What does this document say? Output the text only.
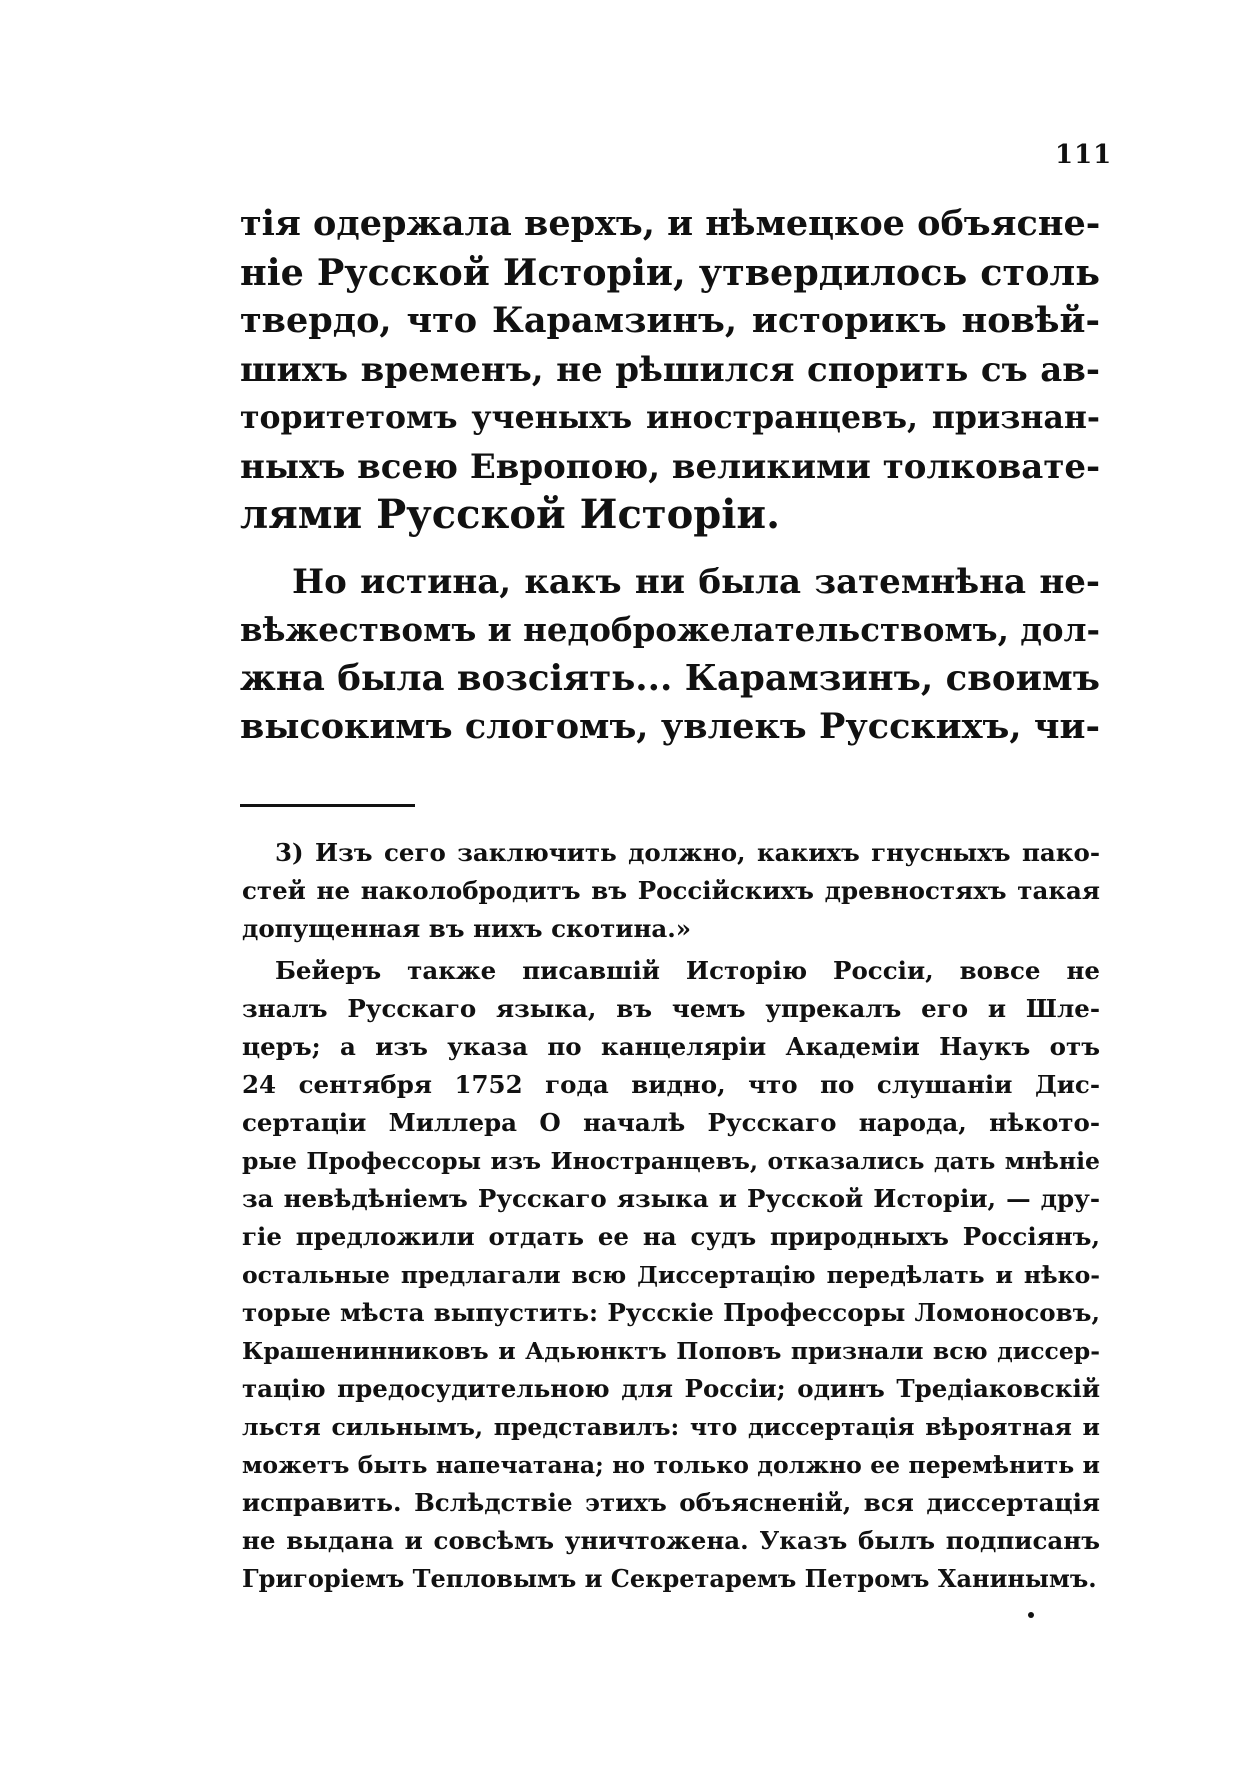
111
тія одержала верхъ, и нѣмецкое объясне-
ніе Русской Исторіи, утвердилось столь
твердо, что Карамзинъ, историкъ новѣй-
шихъ временъ, не рѣшился спорить съ ав-
торитетомъ ученыхъ иностранцевъ, признан-
ныхъ всею Европою, великими толковате-
лями Русской Исторіи.
Но истина, какъ ни была затемнѣна не-
вѣжествомъ и недоброжелательствомъ, дол-
жна была возсіять... Карамзинъ, своимъ
высокимъ слогомъ, увлекъ Русскихъ, чи-
3) Изъ сего заключить должно, какихъ гнусныхъ пако-
стей не наколобродитъ въ Россійскихъ древностяхъ такая
допущенная въ нихъ скотина.»
Бейеръ также писавшій Исторію Россіи, вовсе не
зналъ Русскаго языка, въ чемъ упрекалъ его и Шле-
церъ; а изъ указа по канцеляріи Академіи Наукъ отъ
24 сентября 1752 года видно, что по слушаніи Дис-
сертаціи Миллера О началѣ Русскаго народа, нѣкото-
рые Профессоры изъ Иностранцевъ, отказались дать мнѣніе
за невѣдѣніемъ Русскаго языка и Русской Исторіи, — дру-
гіе предложили отдать ее на судъ природныхъ Россіянъ,
остальные предлагали всю Диссертацію передѣлать и нѣко-
торые мѣста выпустить: Русскіе Профессоры Ломоносовъ,
Крашенинниковъ и Адьюнктъ Поповъ признали всю диссер-
тацію предосудительною для Россіи; одинъ Тредіаковскій
льстя сильнымъ, представилъ: что диссертація вѣроятная и
можетъ быть напечатана; но только должно ее перемѣнить и
исправить. Вслѣдствіе этихъ объясненій, вся диссертація
не выдана и совсѣмъ уничтожена. Указъ былъ подписанъ
Григоріемъ Тепловымъ и Секретаремъ Петромъ Ханинымъ.
